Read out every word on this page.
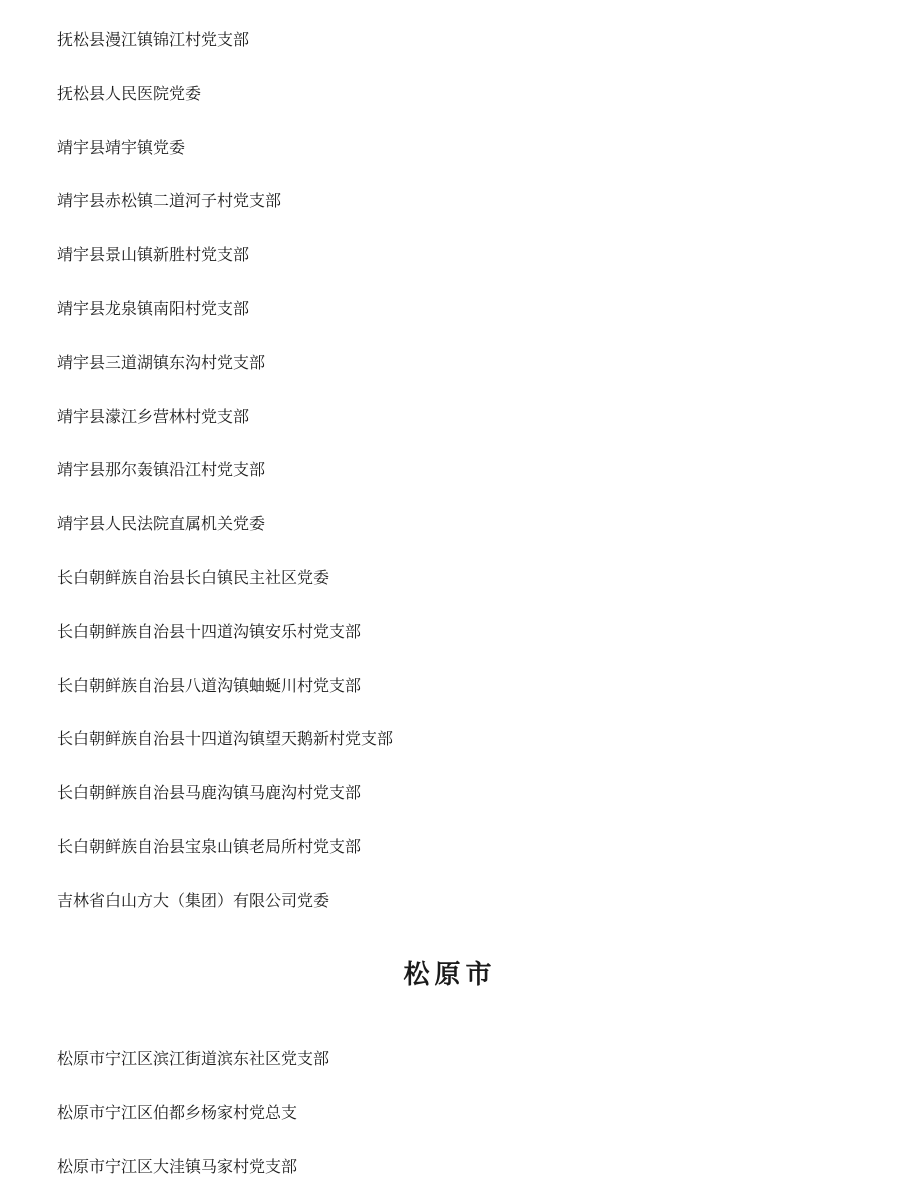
抚松县漫江镇锦江村党支部
抚松县人民医院党委
靖宇县靖宇镇党委
靖宇县赤松镇二道河子村党支部
靖宇县景山镇新胜村党支部
靖宇县龙泉镇南阳村党支部
靖宇县三道湖镇东沟村党支部
靖宇县濛江乡营林村党支部
靖宇县那尔轰镇沿江村党支部
靖宇县人民法院直属机关党委
长白朝鲜族自治县长白镇民主社区党委
长白朝鲜族自治县十四道沟镇安乐村党支部
长白朝鲜族自治县八道沟镇蚰蜒川村党支部
长白朝鲜族自治县十四道沟镇望天鹅新村党支部
长白朝鲜族自治县马鹿沟镇马鹿沟村党支部
长白朝鲜族自治县宝泉山镇老局所村党支部
吉林省白山方大（集团）有限公司党委
松原市
松原市宁江区滨江街道滨东社区党支部
松原市宁江区伯都乡杨家村党总支
松原市宁江区大洼镇马家村党支部
